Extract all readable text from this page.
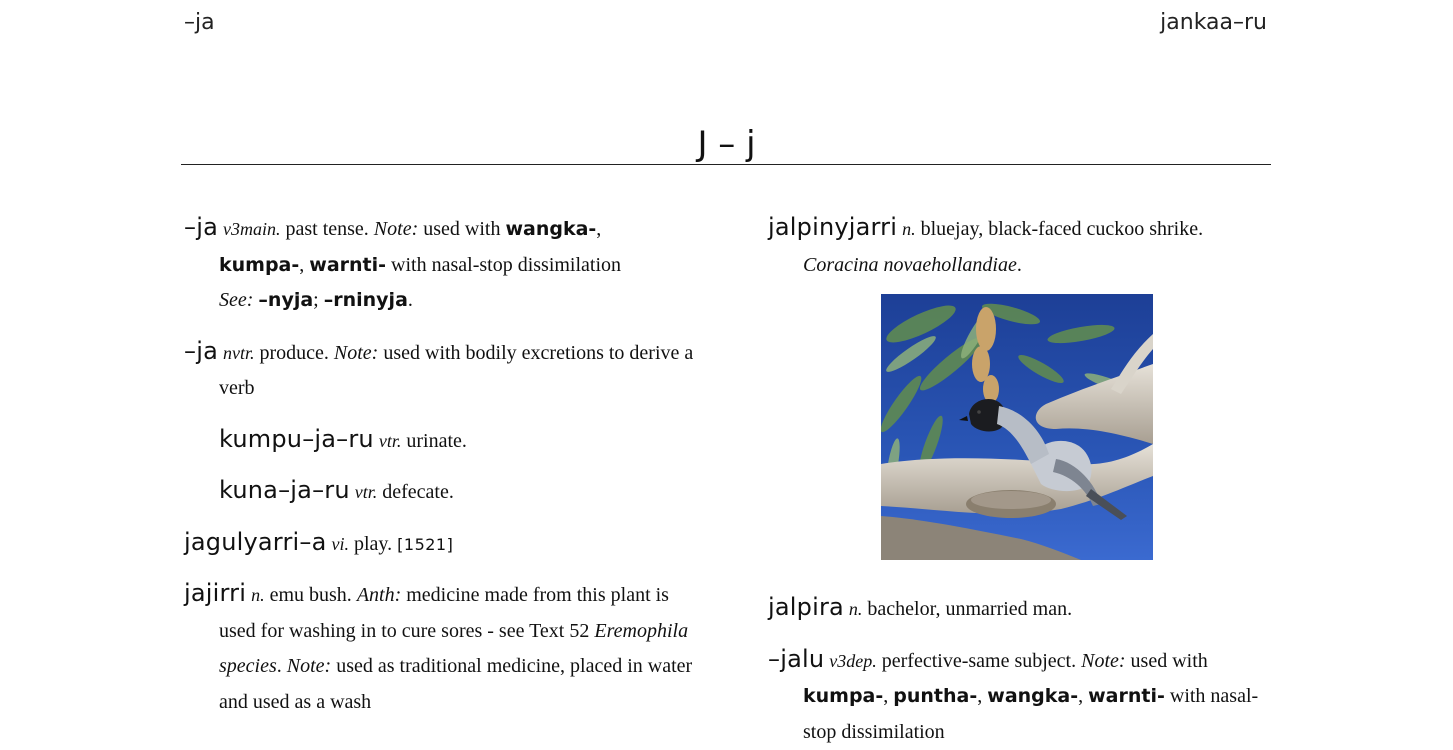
–ja	jankaa–ru
J – j

–ja v3main. past tense. Note: used with wangka-,
kumpa-, warnti- with nasal-stop dissimilation
See: –nyja; –rninyja.

–ja nvtr. produce. Note: used with bodily excretions to derive a verb

kumpu–ja–ru vtr. urinate.

kuna–ja–ru vtr. defecate.

jagulyarri–a vi. play. [1521]

jajirri n. emu bush. Anth: medicine made from this plant is used for washing in to cure sores - see Text 52 Eremophila species. Note: used as traditional medicine, placed in water and used as a wash

jalpinyjarri n. bluejay, black-faced cuckoo shrike. Coracina novaehollandiae.

jalpira n. bachelor, unmarried man.

–jalu v3dep. perfective-same subject. Note: used with
kumpa-, puntha-, wangka-, warnti- with nasal-stop dissimilation
